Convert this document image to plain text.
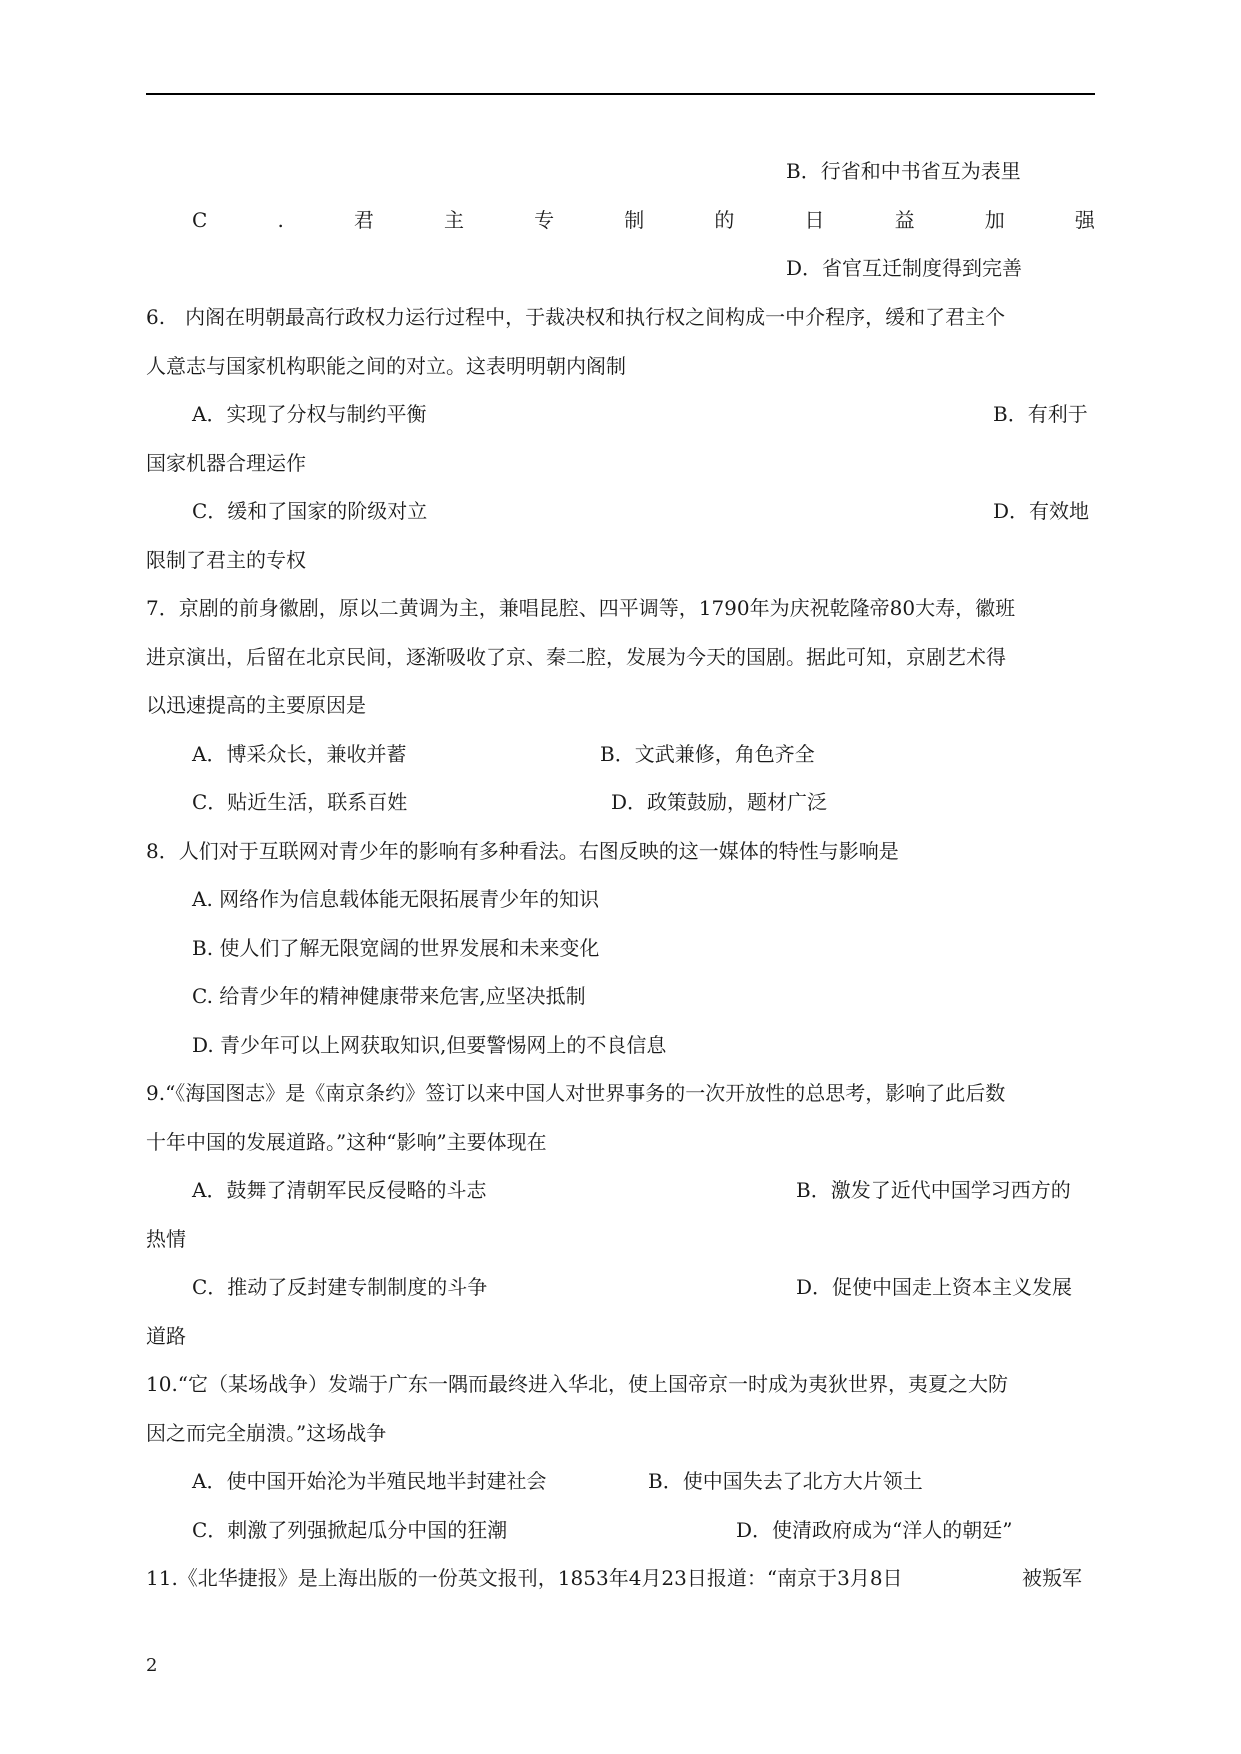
B．行省和中书省互为表里
C	.	君	主	专	制	的	日	益	加	强
D．省官互迁制度得到完善
6.　内阁在明朝最高行政权力运行过程中，于裁决权和执行权之间构成一中介程序，缓和了君主个
人意志与国家机构职能之间的对立。这表明明朝内阁制
A．实现了分权与制约平衡	B．有利于
国家机器合理运作
C．缓和了国家的阶级对立	D．有效地
限制了君主的专权
7．京剧的前身徽剧，原以二黄调为主，兼唱昆腔、四平调等，1790年为庆祝乾隆帝80大寿，徽班
进京演出，后留在北京民间，逐渐吸收了京、秦二腔，发展为今天的国剧。据此可知，京剧艺术得
以迅速提高的主要原因是
A．博采众长，兼收并蓄	B．文武兼修，角色齐全
C．贴近生活，联系百姓	D．政策鼓励，题材广泛
8．人们对于互联网对青少年的影响有多种看法。右图反映的这一媒体的特性与影响是
A. 网络作为信息载体能无限拓展青少年的知识
B. 使人们了解无限宽阔的世界发展和未来变化
C. 给青少年的精神健康带来危害,应坚决抵制
D. 青少年可以上网获取知识,但要警惕网上的不良信息
9.“《海国图志》是《南京条约》签订以来中国人对世界事务的一次开放性的总思考，影响了此后数
十年中国的发展道路。”这种“影响”主要体现在
A．鼓舞了清朝军民反侵略的斗志	B．激发了近代中国学习西方的
热情
C．推动了反封建专制制度的斗争	D．促使中国走上资本主义发展
道路
10.“它（某场战争）发端于广东一隅而最终进入华北，使上国帝京一时成为夷狄世界，夷夏之大防
因之而完全崩溃。”这场战争
A．使中国开始沦为半殖民地半封建社会	B．使中国失去了北方大片领土
C．刺激了列强掀起瓜分中国的狂潮	D．使清政府成为“洋人的朝廷”
11.《北华捷报》是上海出版的一份英文报刊，1853年4月23日报道：“南京于3月8日	被叛军
2
